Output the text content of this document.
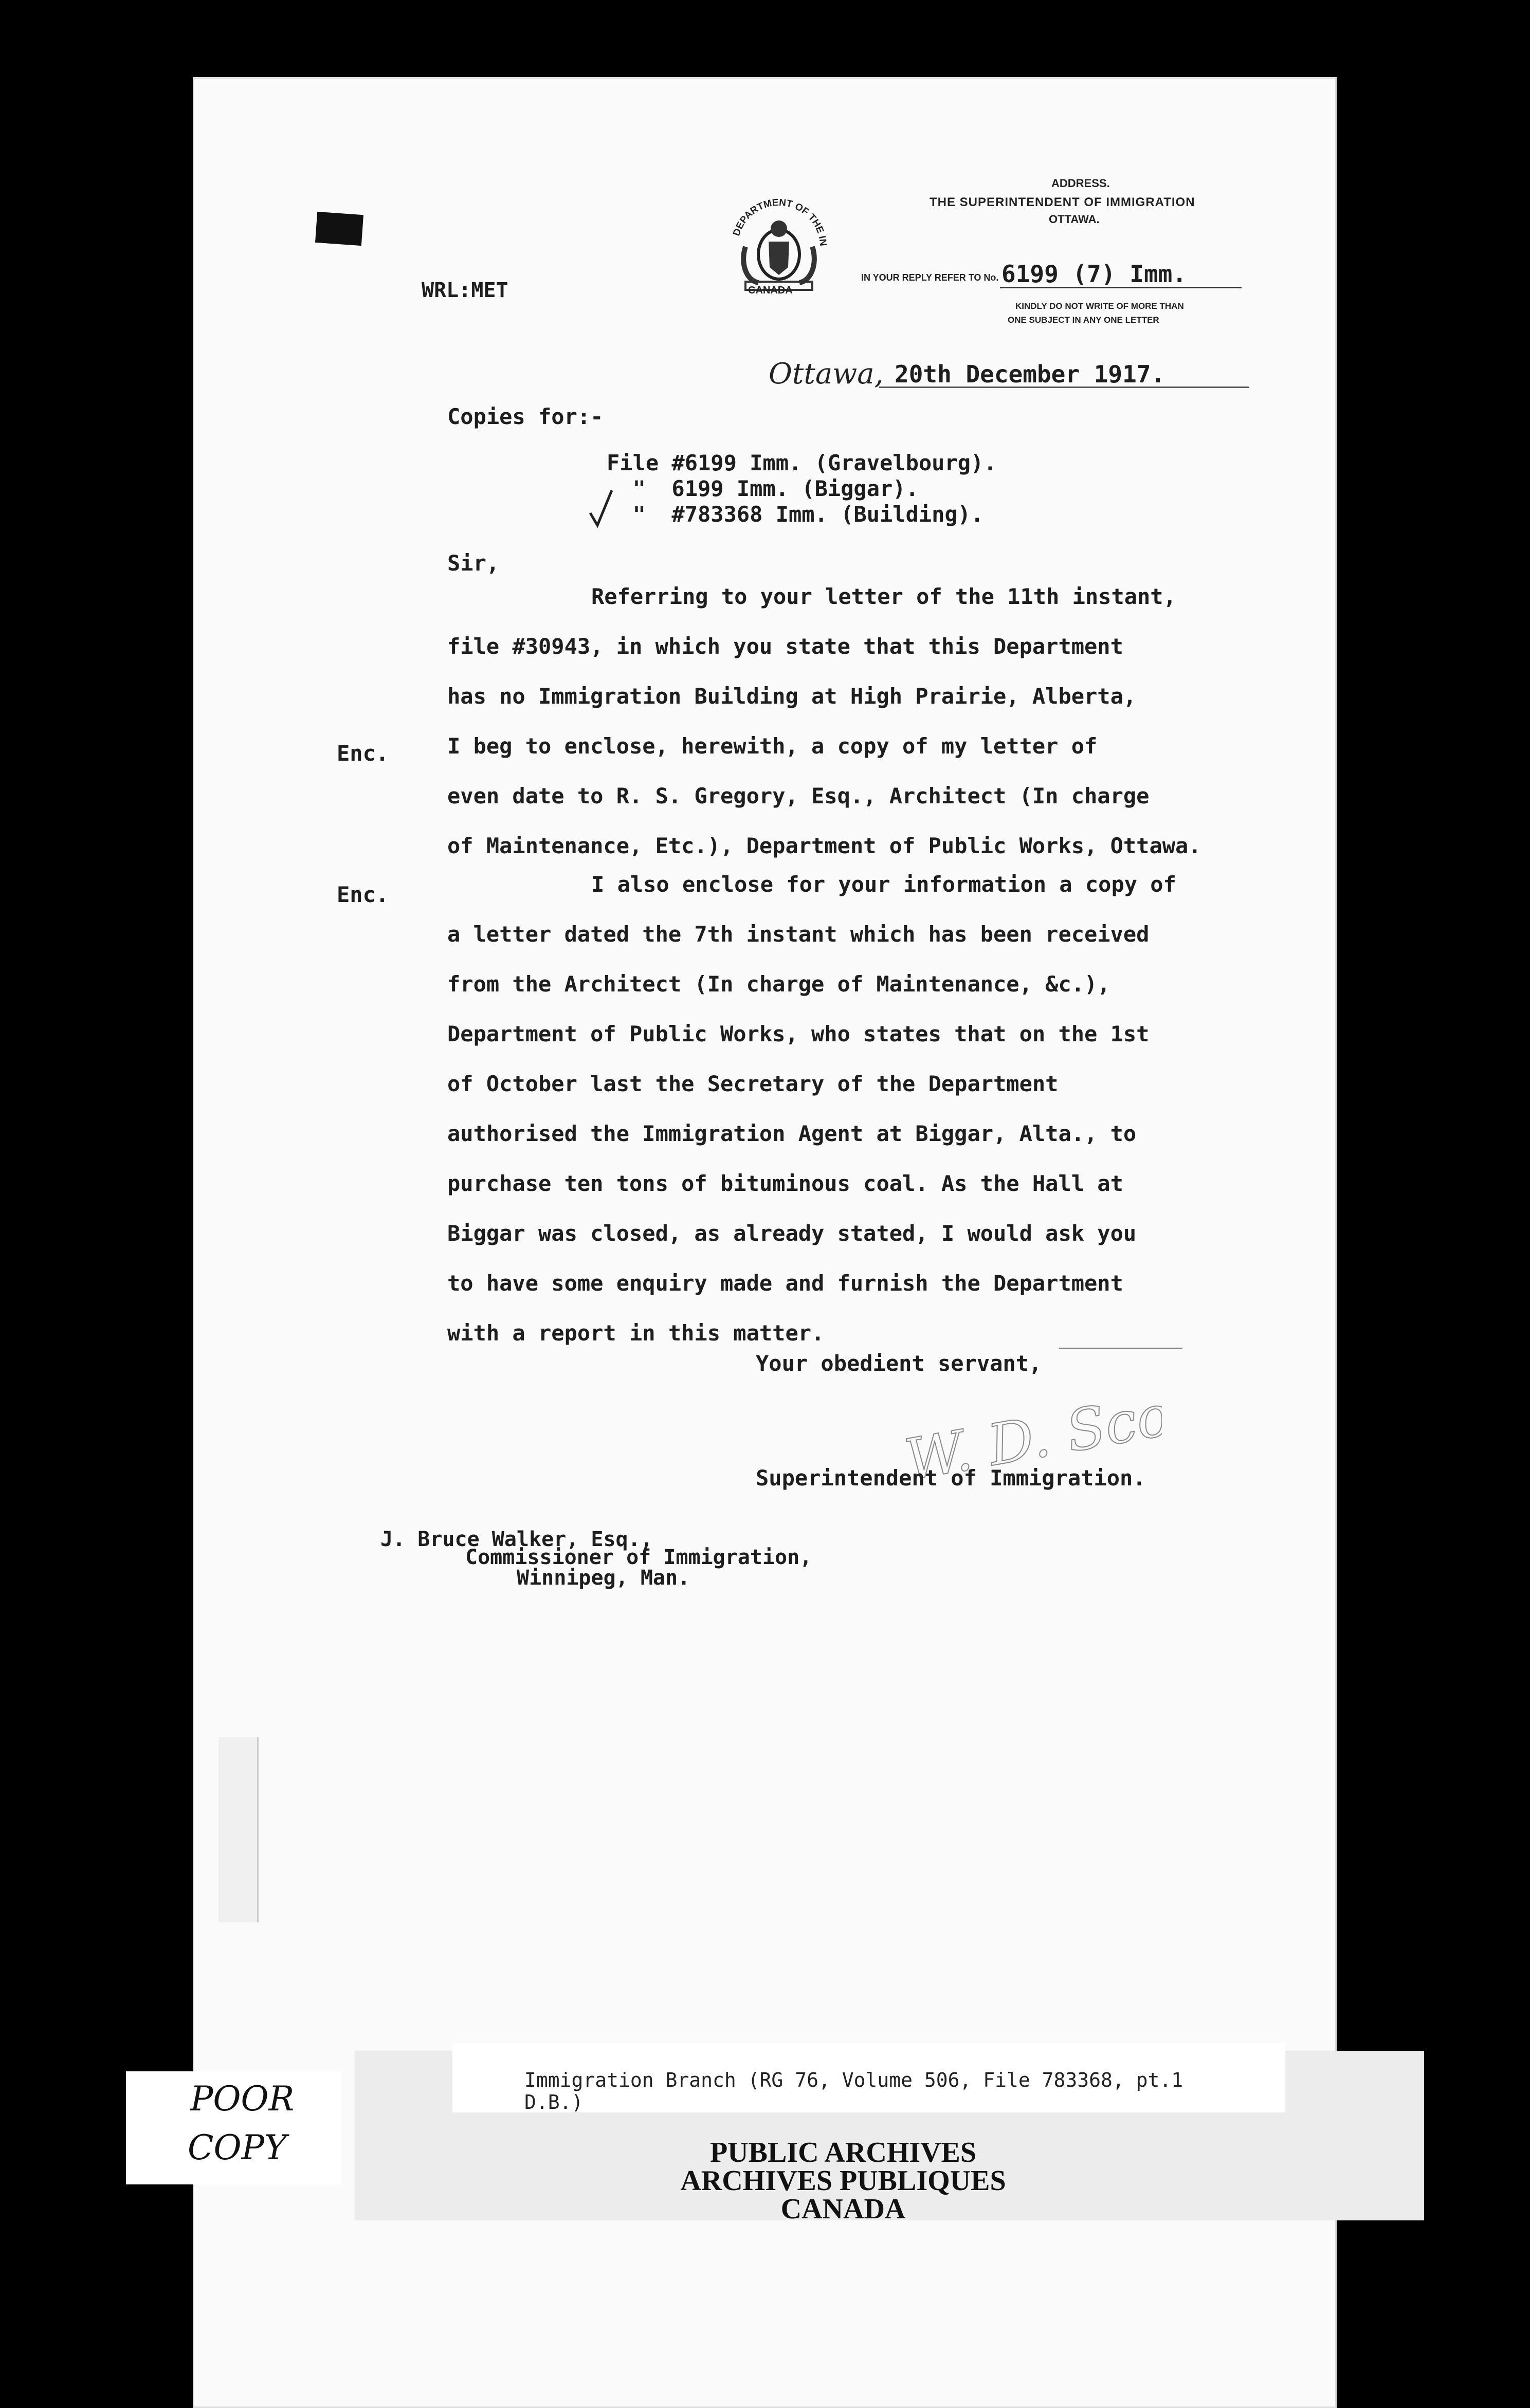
DEPARTMENT OF THE IN
CANADA
ADDRESS.
THE SUPERINTENDENT OF IMMIGRATION
OTTAWA.
IN YOUR REPLY REFER TO No. 6199 (7) Imm.
KINDLY DO NOT WRITE OF MORE THAN
ONE SUBJECT IN ANY ONE LETTER
WRL:MET
Ottawa, 20th December 1917.
Copies for:-
File #6199 Imm. (Gravelbourg).
"  6199 Imm. (Biggar).
"  #783368 Imm. (Building).
Sir,
Enc.
Enc.
Referring to your letter of the 11th instant,
file #30943, in which you state that this Department
has no Immigration Building at High Prairie, Alberta,
I beg to enclose, herewith, a copy of my letter of
even date to R. S. Gregory, Esq., Architect (In charge
of Maintenance, Etc.), Department of Public Works, Ottawa.
I also enclose for your information a copy of
a letter dated the 7th instant which has been received
from the Architect (In charge of Maintenance, &c.),
Department of Public Works, who states that on the 1st
of October last the Secretary of the Department
authorised the Immigration Agent at Biggar, Alta., to
purchase ten tons of bituminous coal. As the Hall at
Biggar was closed, as already stated, I would ask you
to have some enquiry made and furnish the Department
with a report in this matter.
Your obedient servant,
W. D. Scott
Superintendent of Immigration.
J. Bruce Walker, Esq.,
Commissioner of Immigration,
Winnipeg, Man.
POOR
COPY
Immigration Branch (RG 76, Volume 506, File 783368, pt.1
D.B.)
PUBLIC ARCHIVES
ARCHIVES PUBLIQUES
CANADA
